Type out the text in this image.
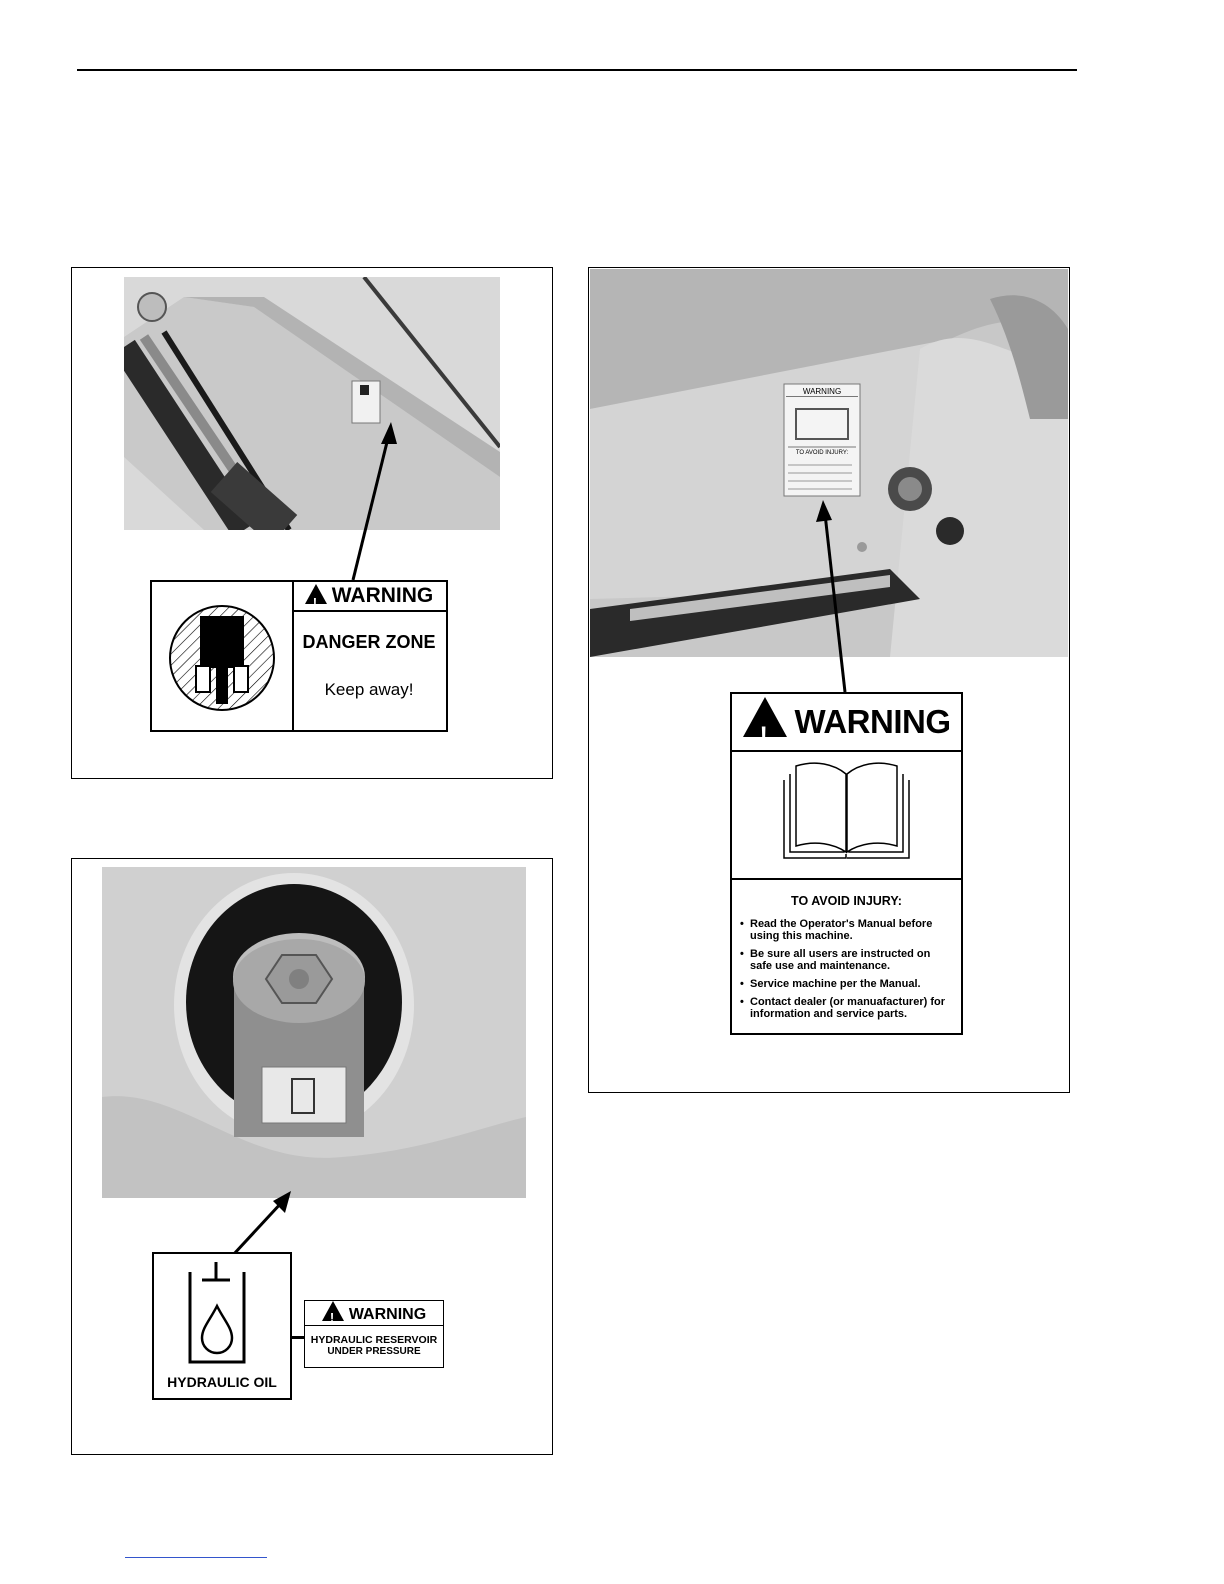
!WARNING
DANGER ZONE
Keep away!
HYDRAULIC OIL
!WARNING
HYDRAULIC RESERVOIR
UNDER PRESSURE
WARNING
TO AVOID INJURY:
!WARNING
TO AVOID INJURY:
• Read the Operator's Manual before using this machine.
• Be sure all users are instructed on safe use and maintenance.
• Service machine per the Manual.
• Contact dealer (or manuafacturer) for information and service parts.
